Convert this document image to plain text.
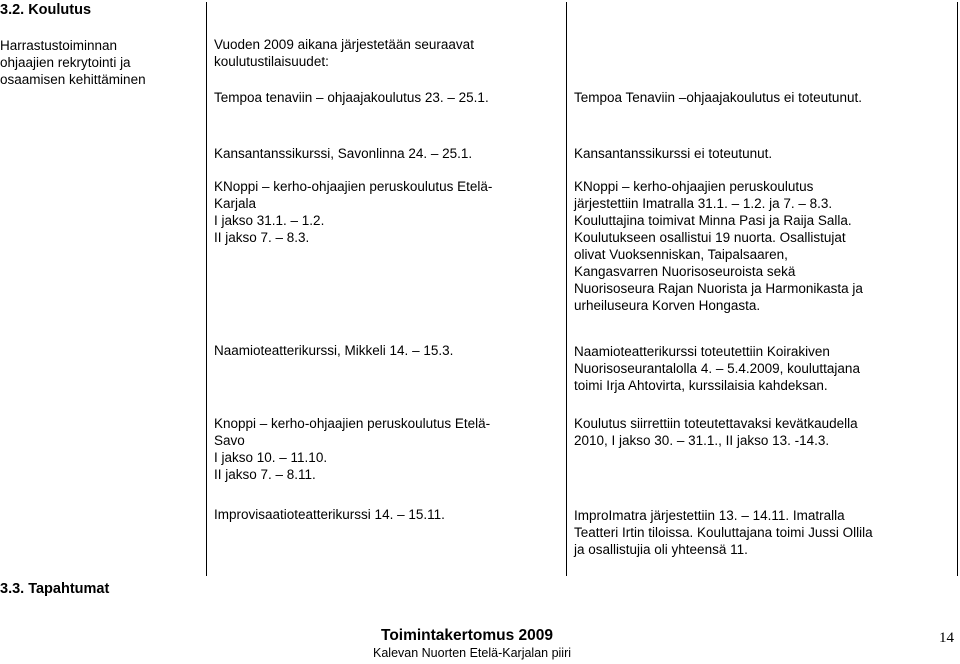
3.2. Koulutus
Harrastustoiminnan
ohjaajien rekrytointi ja
osaamisen kehittäminen
Vuoden 2009 aikana järjestetään seuraavat
koulutustilaisuudet:
Tempoa tenaviin – ohjaajakoulutus 23. – 25.1.
Kansantanssikurssi, Savonlinna 24. – 25.1.
KNoppi – kerho-ohjaajien peruskoulutus Etelä-
Karjala
I jakso 31.1. – 1.2.
II jakso 7. – 8.3.
Naamioteatterikurssi, Mikkeli 14. – 15.3.
Knoppi – kerho-ohjaajien peruskoulutus Etelä-
Savo
I jakso 10. – 11.10.
II jakso 7. – 8.11.
Improvisaatioteatterikurssi 14. – 15.11.
Tempoa Tenaviin –ohjaajakoulutus ei toteutunut.
Kansantanssikurssi ei toteutunut.
KNoppi – kerho-ohjaajien peruskoulutus
järjestettiin Imatralla 31.1. – 1.2. ja 7. – 8.3.
Kouluttajina toimivat Minna Pasi ja Raija Salla.
Koulutukseen osallistui 19 nuorta. Osallistujat
olivat Vuoksenniskan, Taipalsaaren,
Kangasvarren Nuorisoseuroista sekä
Nuorisoseura Rajan Nuorista ja Harmonikasta ja
urheiluseura Korven Hongasta.
Naamioteatterikurssi toteutettiin Koirakiven
Nuorisoseurantalolla 4. – 5.4.2009, kouluttajana
toimi Irja Ahtovirta, kurssilaisia kahdeksan.
Koulutus siirrettiin toteutettavaksi kevätkaudella
2010, I jakso 30. – 31.1., II jakso 13. -14.3.
ImproImatra järjestettiin 13. – 14.11. Imatralla
Teatteri Irtin tiloissa. Kouluttajana toimi Jussi Ollila
ja osallistujia oli yhteensä 11.
3.3. Tapahtumat
Toimintakertomus 2009
Kalevan Nuorten Etelä-Karjalan piiri
14
